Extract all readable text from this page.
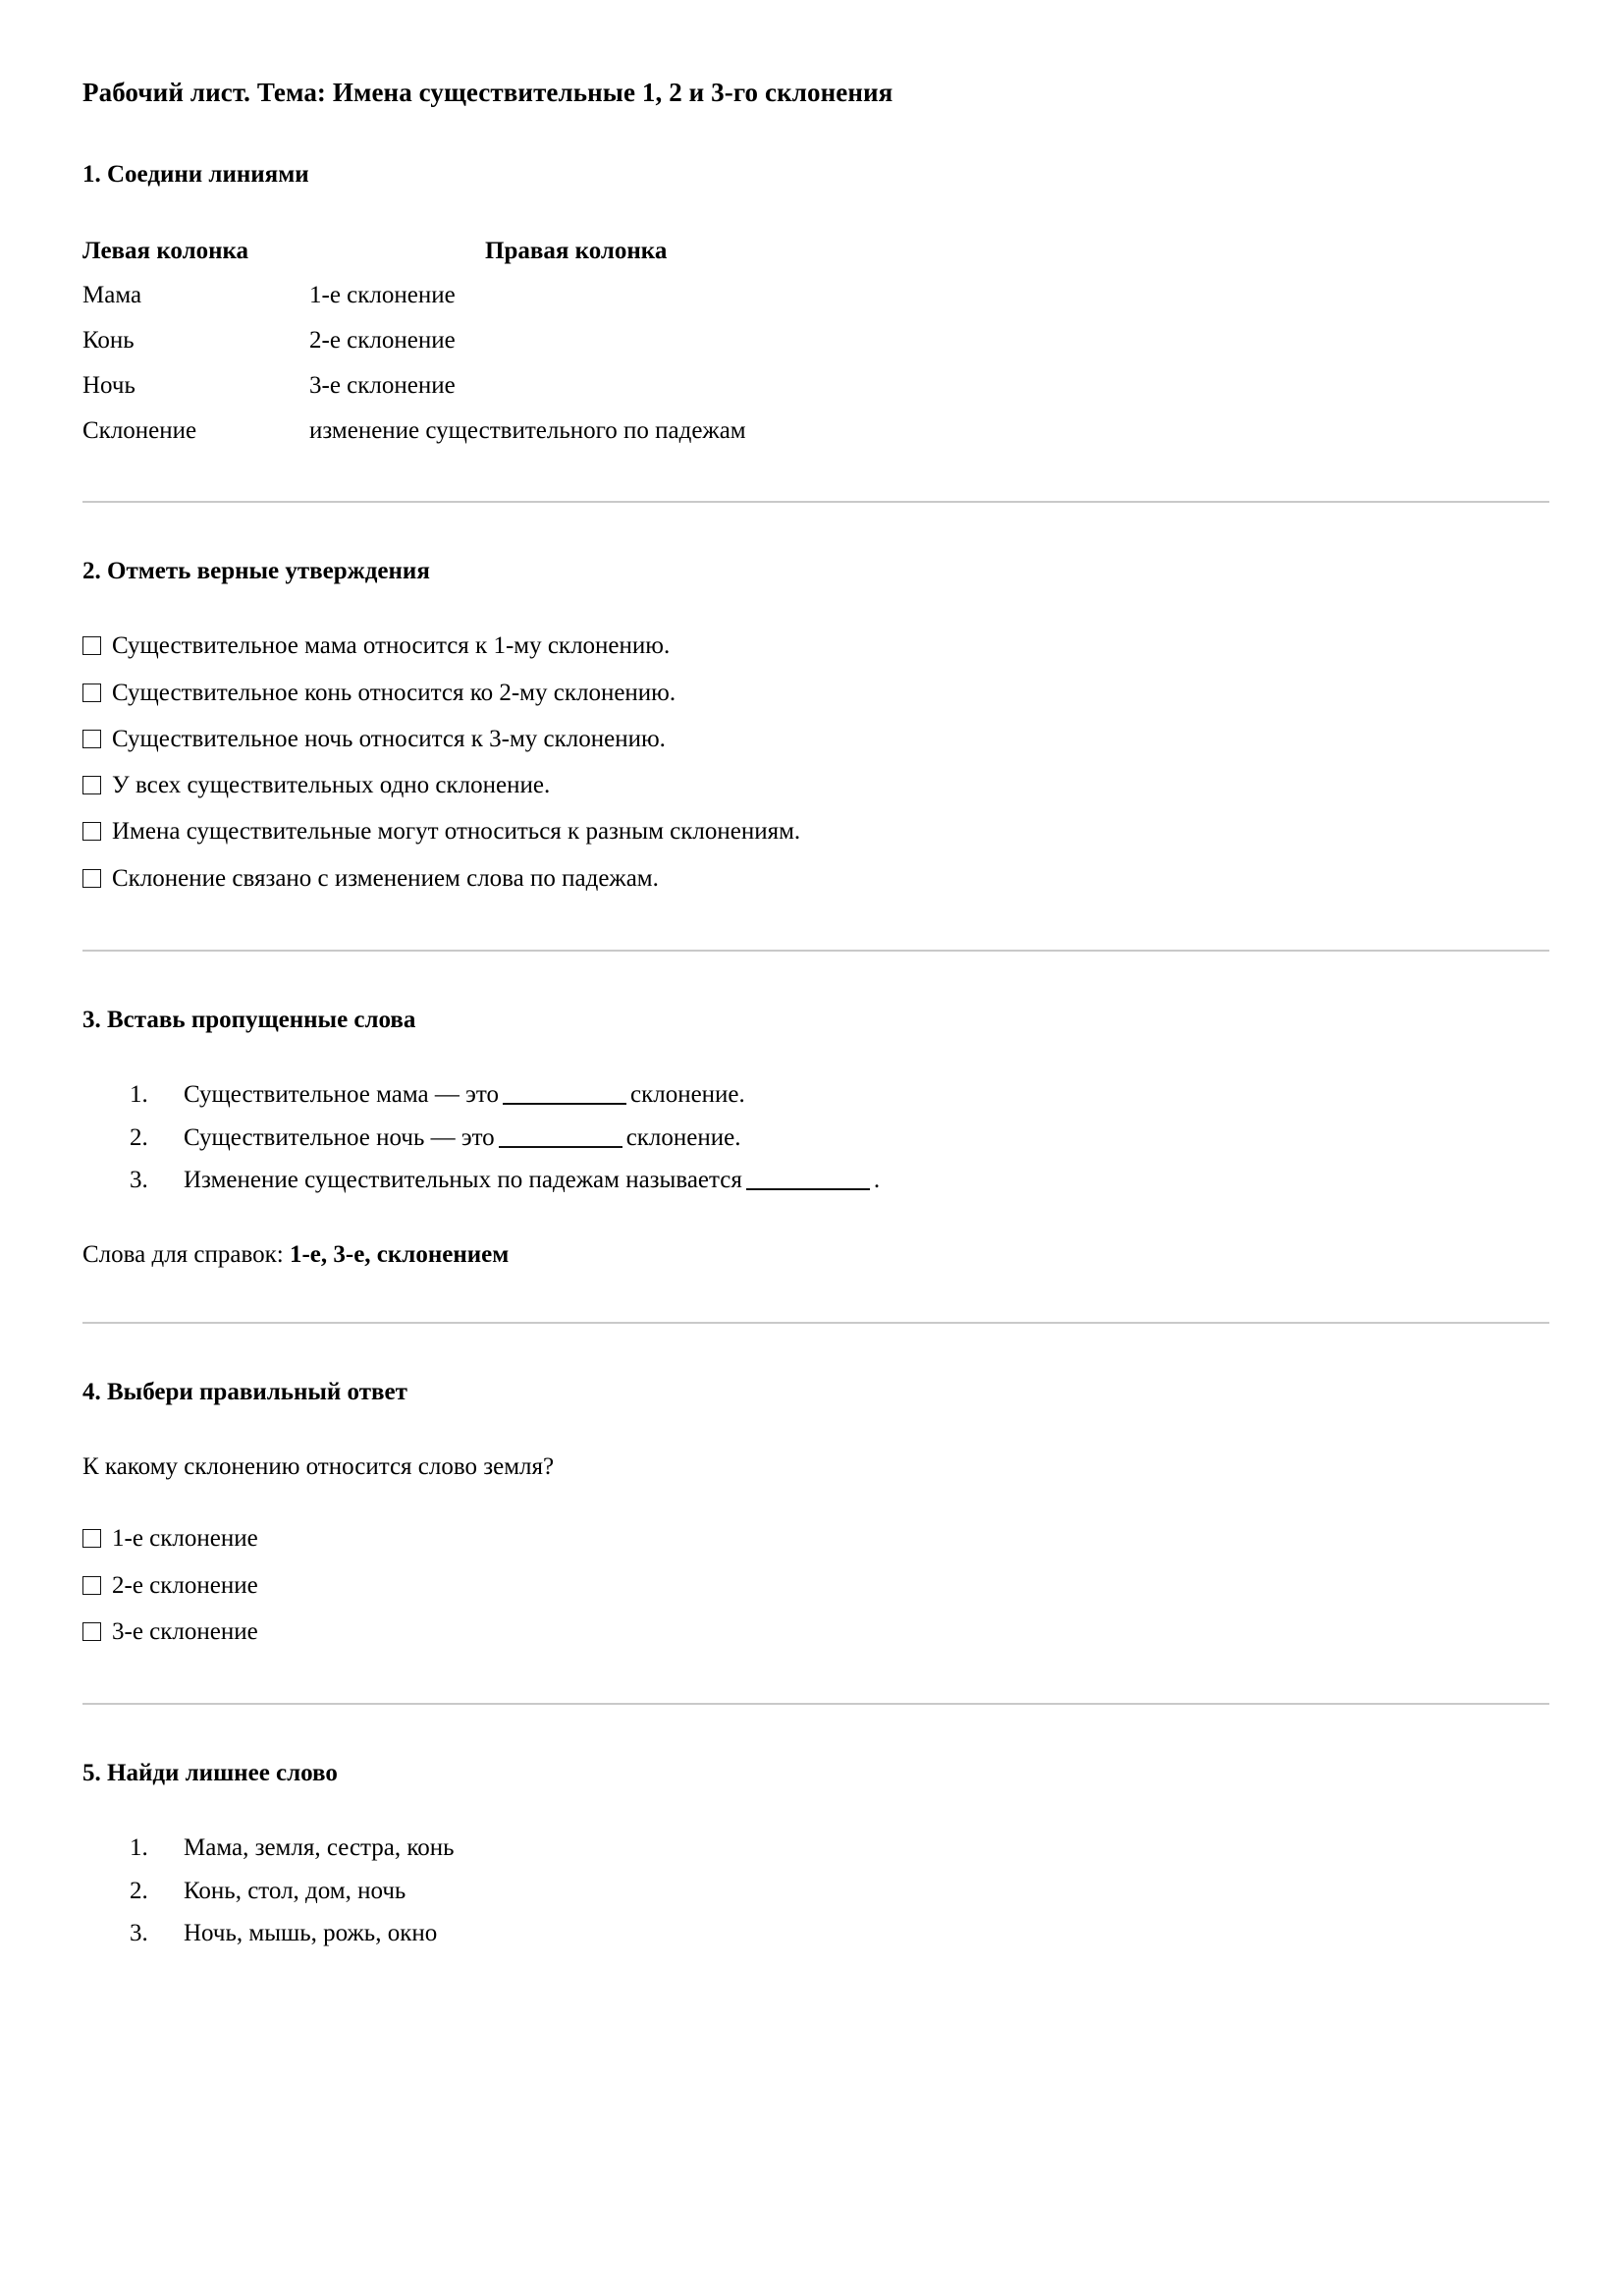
Рабочий лист. Тема: Имена существительные 1, 2 и 3-го склонения
1. Соедини линиями
Левая колонка	Правая колонка
Мама	1-е склонение
Конь	2-е склонение
Ночь	3-е склонение
Склонение	изменение существительного по падежам
2. Отметь верные утверждения
Существительное мама относится к 1-му склонению.
Существительное конь относится ко 2-му склонению.
Существительное ночь относится к 3-му склонению.
У всех существительных одно склонение.
Имена существительные могут относиться к разным склонениям.
Склонение связано с изменением слова по падежам.
3. Вставь пропущенные слова
Существительное мама — это	склонение.
Существительное ночь — это	склонение.
Изменение существительных по падежам называется	.

Слова для справок: 1-е, 3-е, склонением

4. Выбери правильный ответ

К какому склонению относится слово земля?

1-е склонение
2-е склонение
3-е склонение
5. Найди лишнее слово
Мама, земля, сестра, конь
Конь, стол, дом, ночь
Ночь, мышь, рожь, окно
